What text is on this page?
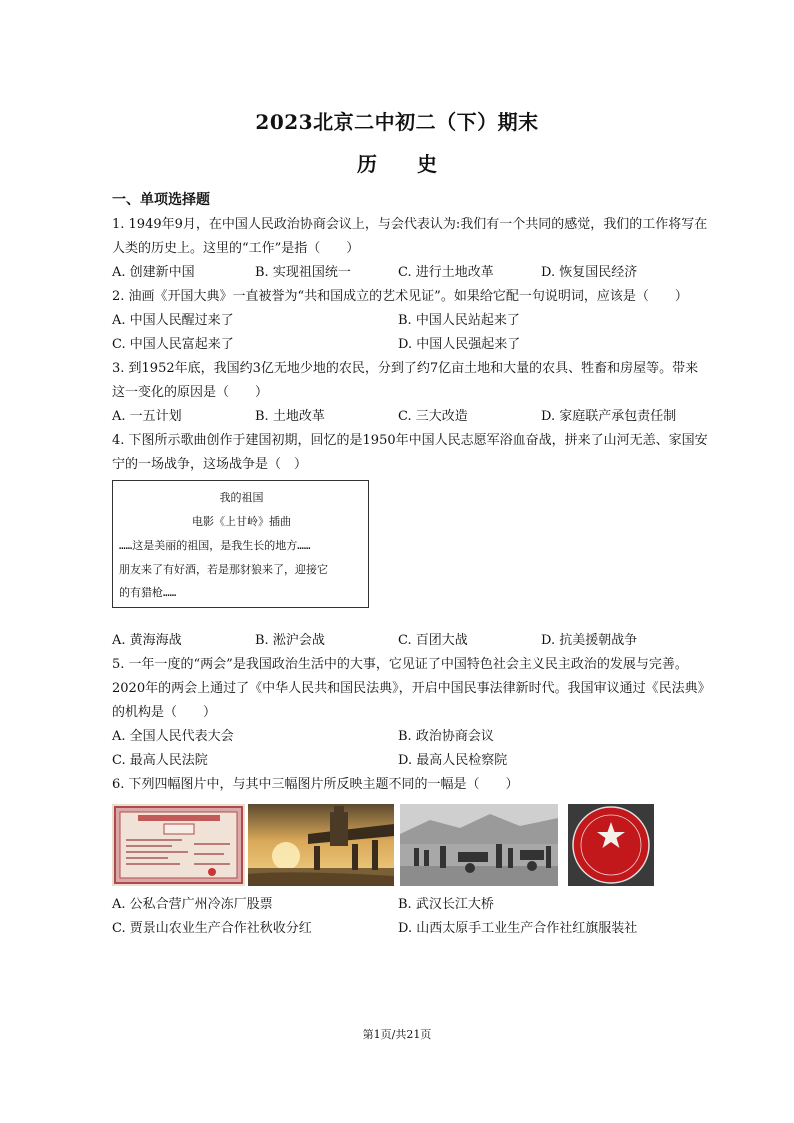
2023北京二中初二（下）期末
历　　史
一、单项选择题
1. 1949年9月，在中国人民政治协商会议上，与会代表认为:我们有一个共同的感觉，我们的工作将写在
人类的历史上。这里的“工作”是指（　　）
A. 创建新中国	B. 实现祖国统一	C. 进行土地改革	D. 恢复国民经济
2. 油画《开国大典》一直被誉为“共和国成立的艺术见证”。如果给它配一句说明词，应该是（　　）
A. 中国人民醒过来了	B. 中国人民站起来了
C. 中国人民富起来了	D. 中国人民强起来了
3. 到1952年底，我国约3亿无地少地的农民，分到了约7亿亩土地和大量的农具、牲畜和房屋等。带来
这一变化的原因是（　　）
A. 一五计划	B. 土地改革	C. 三大改造	D. 家庭联产承包责任制
4. 下图所示歌曲创作于建国初期，回忆的是1950年中国人民志愿军浴血奋战，拼来了山河无恙、家国安
宁的一场战争，这场战争是（　）
我的祖国
电影《上甘岭》插曲
……这是美丽的祖国，是我生长的地方……
朋友来了有好酒，若是那豺狼来了，迎接它
的有猎枪……
A. 黄海海战	B. 淞沪会战	C. 百团大战	D. 抗美援朝战争
5. 一年一度的“两会”是我国政治生活中的大事，它见证了中国特色社会主义民主政治的发展与完善。
2020年的两会上通过了《中华人民共和国民法典》，开启中国民事法律新时代。我国审议通过《民法典》
的机构是（　　）
A. 全国人民代表大会	B. 政治协商会议
C. 最高人民法院	D. 最高人民检察院
6. 下列四幅图片中，与其中三幅图片所反映主题不同的一幅是（　　）
A. 公私合营广州冷冻厂股票	B. 武汉长江大桥
C. 贾景山农业生产合作社秋收分红	D. 山西太原手工业生产合作社红旗服装社
第1页/共21页
